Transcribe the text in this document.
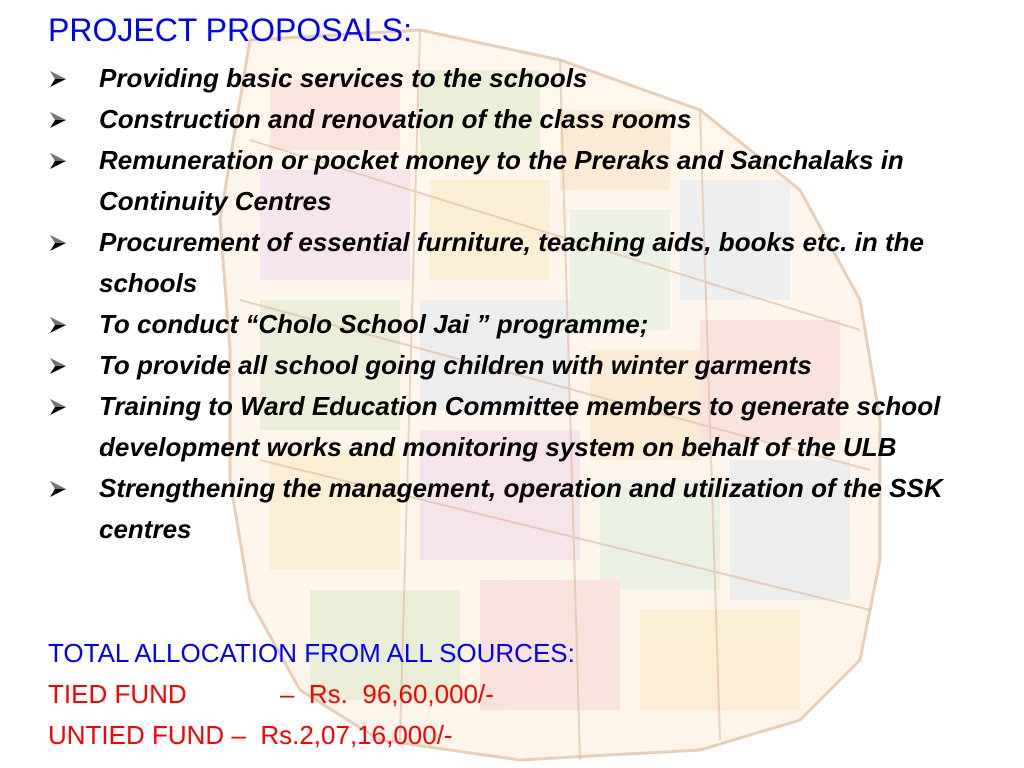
PROJECT PROPOSALS:
Providing basic services to the schools
Construction and renovation of the class rooms
Remuneration or pocket money to the Preraks and Sanchalaks in Continuity Centres
Procurement of essential furniture, teaching aids, books etc. in the schools
To conduct “Cholo School Jai ” programme;
To provide all school going children with winter garments
Training to Ward Education Committee members to generate school development works and monitoring system on behalf of the ULB
Strengthening the management, operation and utilization of the SSK centres
TOTAL ALLOCATION FROM ALL SOURCES:
TIED FUND	–  Rs.  96,60,000/-
UNTIED FUND –  Rs.2,07,16,000/-
